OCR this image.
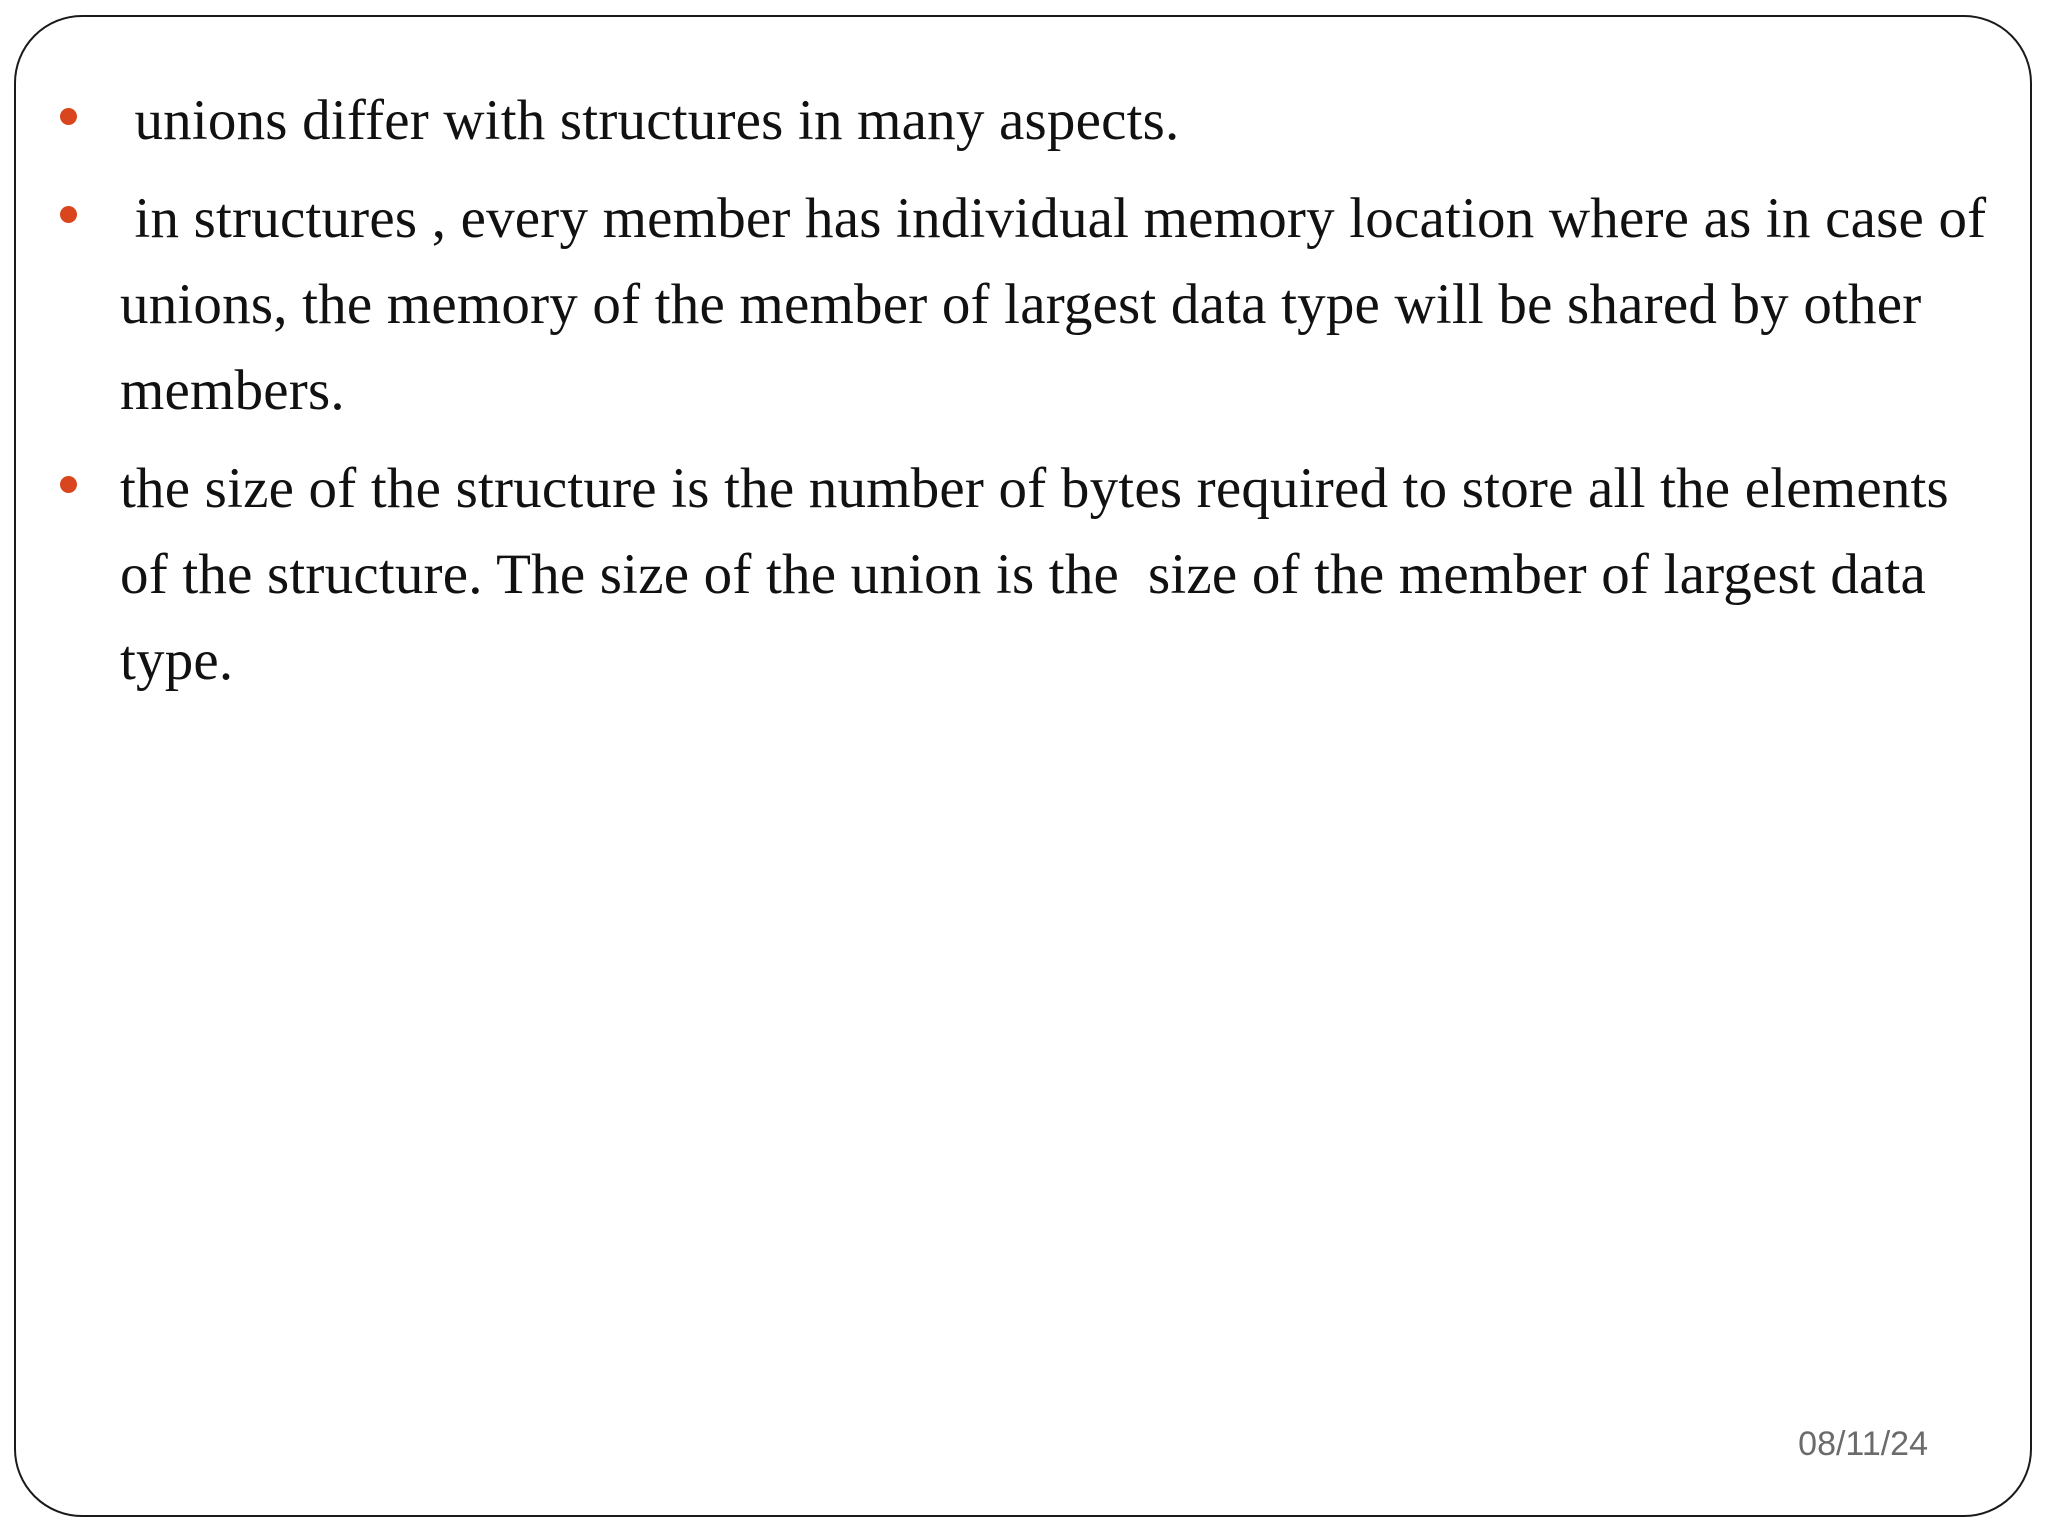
unions differ with structures in many aspects.
in structures , every member has individual memory location where as in case of unions, the memory of the member of largest data type will be shared by other members.
the size of the structure is the number of bytes required to store all the elements of the structure. The size of the union is the  size of the member of largest data type.
08/11/24
